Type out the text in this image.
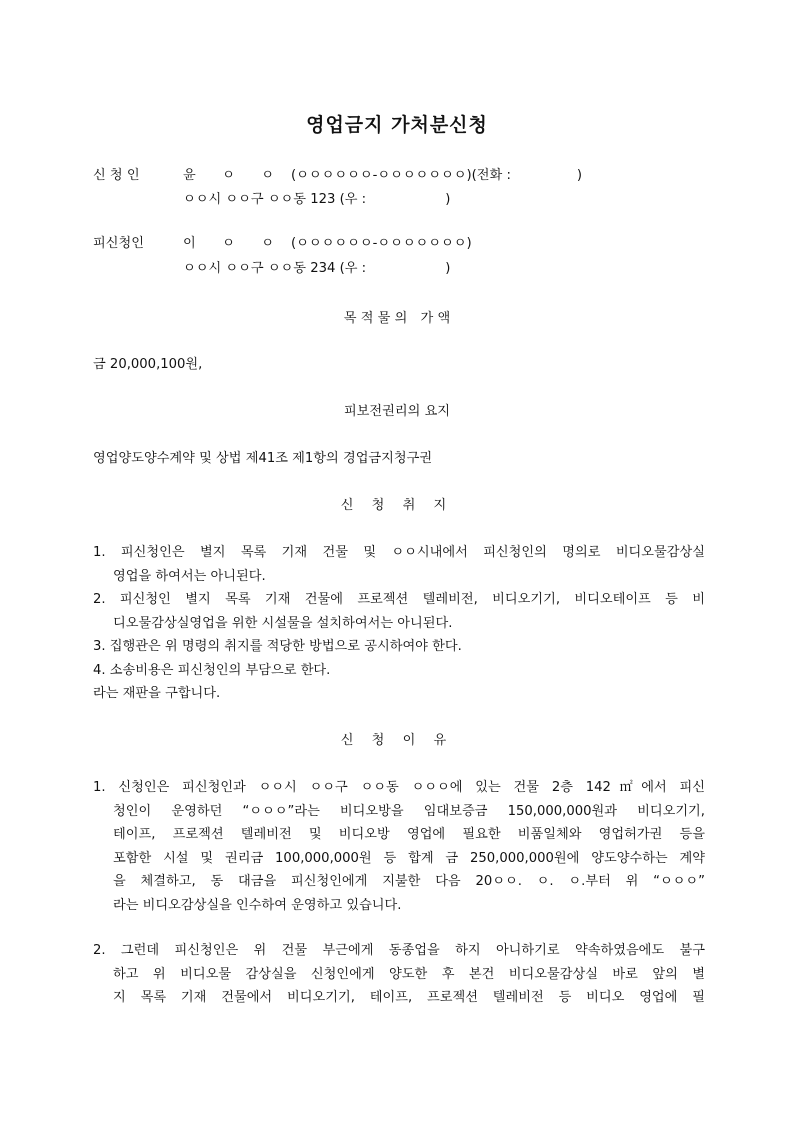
영업금지 가처분신청
신 청 인	윤　　ㅇ　　ㅇ (ㅇㅇㅇㅇㅇㅇ-ㅇㅇㅇㅇㅇㅇㅇ)(전화 :　　　　　)
ㅇㅇ시 ㅇㅇ구 ㅇㅇ동 123 (우 :　　　　　　)
피신청인	이　　ㅇ　　ㅇ (ㅇㅇㅇㅇㅇㅇ-ㅇㅇㅇㅇㅇㅇㅇ)
ㅇㅇ시 ㅇㅇ구 ㅇㅇ동 234 (우 :　　　　　　)
목 적 물 의　가 액
금 20,000,100원,
피보전권리의 요지
영업양도양수계약 및 상법 제41조 제1항의 경업금지청구권
신 청 취 지
1. 피신청인은 별지 목록 기재 건물 및 ㅇㅇ시내에서 피신청인의 명의로 비디오물감상실
영업을 하여서는 아니된다.
2. 피신청인 별지 목록 기재 건물에 프로젝션 텔레비전, 비디오기기, 비디오테이프 등 비
디오물감상실영업을 위한 시설물을 설치하여서는 아니된다.
3. 집행관은 위 명령의 취지를 적당한 방법으로 공시하여야 한다.
4. 소송비용은 피신청인의 부담으로 한다.
라는 재판을 구합니다.
신 청 이 유
1. 신청인은 피신청인과 ㅇㅇ시 ㅇㅇ구 ㅇㅇ동 ㅇㅇㅇ에 있는 건물 2층 142㎡에서 피신
청인이 운영하던 “ㅇㅇㅇ”라는 비디오방을 임대보증금 150,000,000원과 비디오기기,
테이프, 프로젝션 텔레비전 및 비디오방 영업에 필요한 비품일체와 영업허가권 등을
포함한 시설 및 권리금 100,000,000원 등 합계 금 250,000,000원에 양도양수하는 계약
을 체결하고, 동 대금을 피신청인에게 지불한 다음 20ㅇㅇ. ㅇ. ㅇ.부터 위 “ㅇㅇㅇ”
라는 비디오감상실을 인수하여 운영하고 있습니다.
2. 그런데 피신청인은 위 건물 부근에게 동종업을 하지 아니하기로 약속하였음에도 불구
하고 위 비디오물 감상실을 신청인에게 양도한 후 본건 비디오물감상실 바로 앞의 별
지 목록 기재 건물에서 비디오기기, 테이프, 프로젝션 텔레비전 등 비디오 영업에 필
